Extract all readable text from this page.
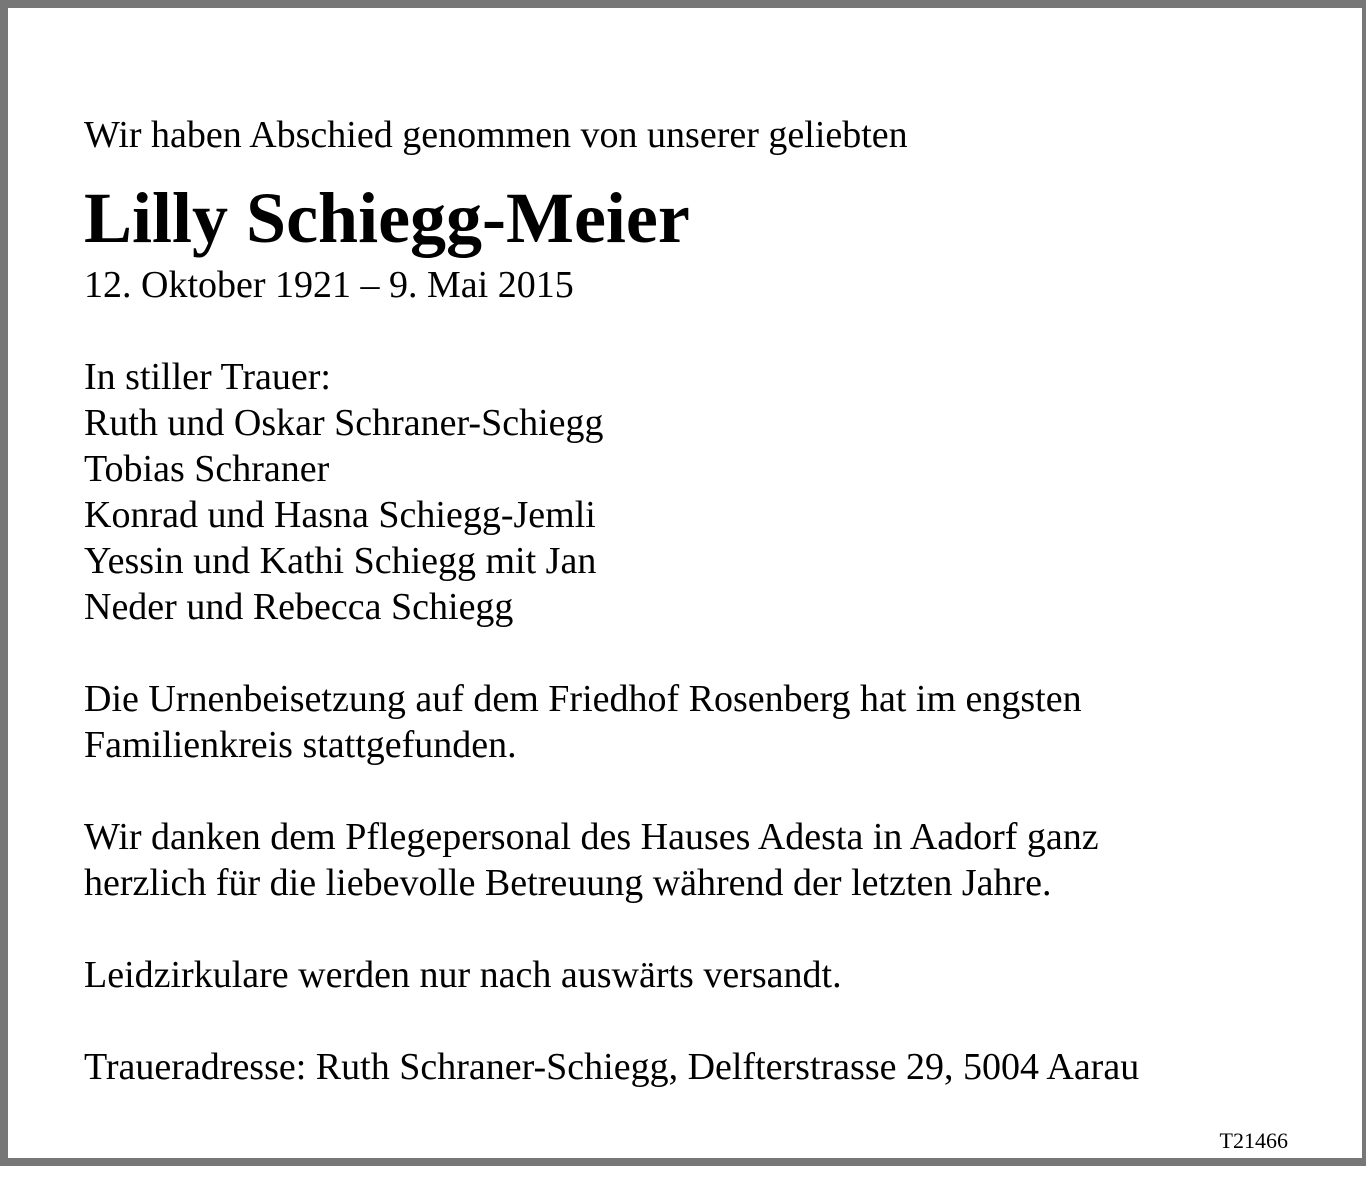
Wir haben Abschied genommen von unserer geliebten
Lilly Schiegg-Meier
12. Oktober 1921 – 9. Mai 2015
In stiller Trauer:
Ruth und Oskar Schraner-Schiegg
Tobias Schraner
Konrad und Hasna Schiegg-Jemli
Yessin und Kathi Schiegg mit Jan
Neder und Rebecca Schiegg
Die Urnenbeisetzung auf dem Friedhof Rosenberg hat im engsten
Familienkreis stattgefunden.
Wir danken dem Pflegepersonal des Hauses Adesta in Aadorf ganz
herzlich für die liebevolle Betreuung während der letzten Jahre.
Leidzirkulare werden nur nach auswärts versandt.
Traueradresse: Ruth Schraner-Schiegg, Delfterstrasse 29, 5004 Aarau
T21466
